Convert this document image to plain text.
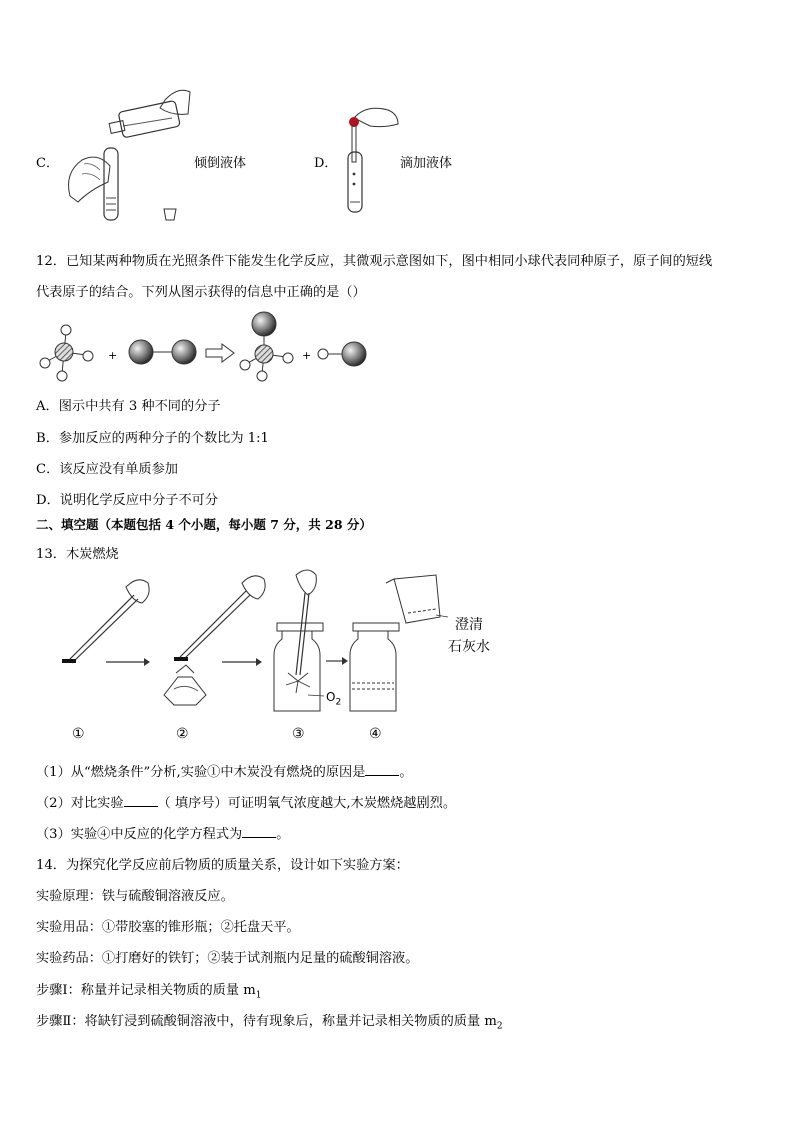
C．	倾倒液体	D．	滴加液体
12．已知某两种物质在光照条件下能发生化学反应，其微观示意图如下，图中相同小球代表同种原子，原子间的短线
代表原子的结合。下列从图示获得的信息中正确的是（）
+	+
A．图示中共有 3 种不同的分子
B．参加反应的两种分子的个数比为 1:1
C．该反应没有单质参加
D．说明化学反应中分子不可分
二、填空题（本题包括 4 个小题，每小题 7 分，共 28 分）
13．木炭燃烧
澄清
石灰水
$O_2$
①	②	③	④
（1）从“燃烧条件”分析,实验①中木炭没有燃烧的原因是	。
（2）对比实验	（ 填序号）可证明氧气浓度越大,木炭燃烧越剧烈。
（3）实验④中反应的化学方程式为	。
14．为探究化学反应前后物质的质量关系，设计如下实验方案：
实验原理：铁与硫酸铜溶液反应。
实验用品：①带胶塞的锥形瓶；②托盘天平。
实验药品：①打磨好的铁钉；②装于试剂瓶内足量的硫酸铜溶液。
步骤Ⅰ：称量并记录相关物质的质量 $m_1$
步骤Ⅱ：将缺钉浸到硫酸铜溶液中，待有现象后，称量并记录相关物质的质量 $m_2$
